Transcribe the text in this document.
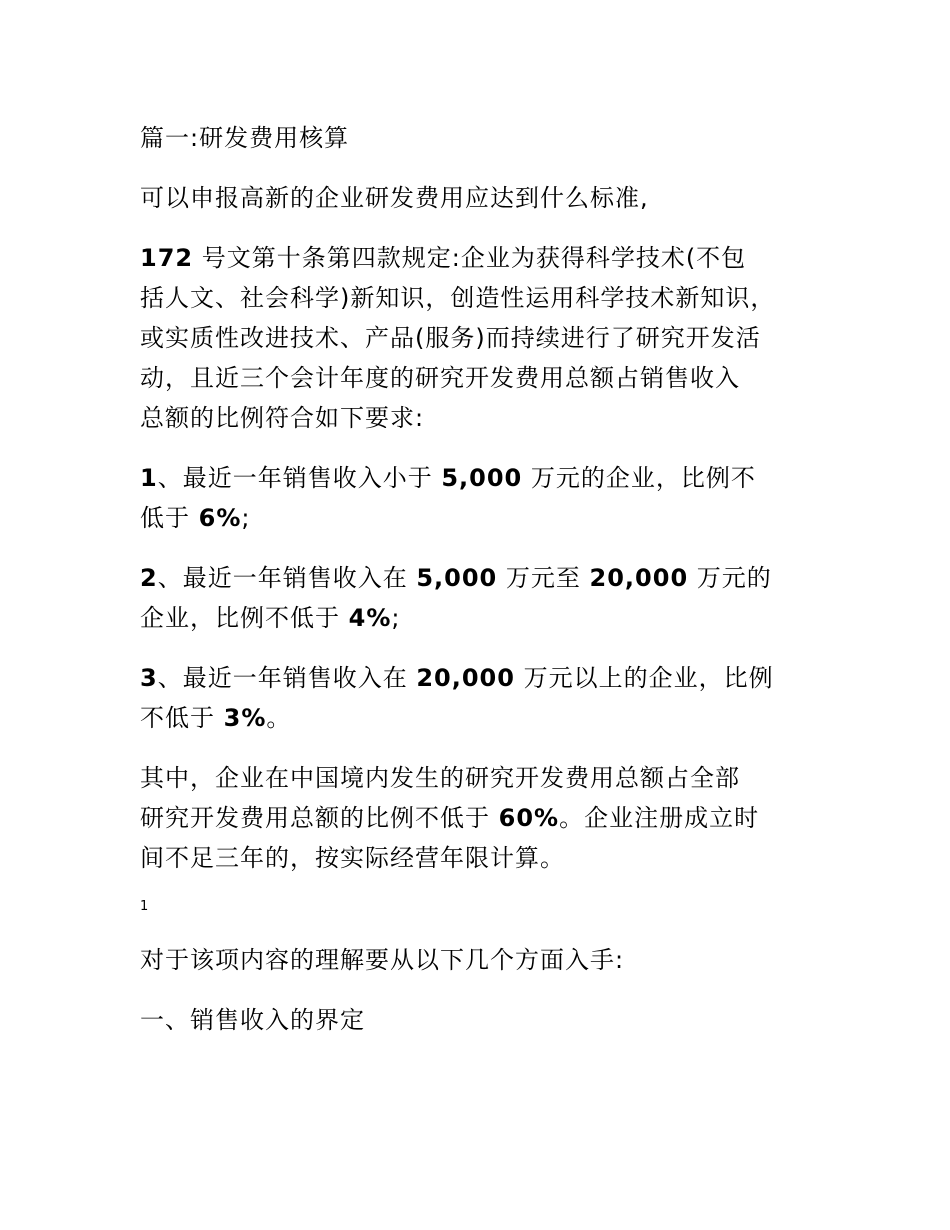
篇一:研发费用核算

可以申报高新的企业研发费用应达到什么标准,

172 号文第十条第四款规定:企业为获得科学技术(不包
括人文、社会科学)新知识，创造性运用科学技术新知识，
或实质性改进技术、产品(服务)而持续进行了研究开发活
动，且近三个会计年度的研究开发费用总额占销售收入
总额的比例符合如下要求:

1、最近一年销售收入小于 5,000 万元的企业，比例不
低于 6%;

2、最近一年销售收入在 5,000 万元至 20,000 万元的
企业，比例不低于 4%;

3、最近一年销售收入在 20,000 万元以上的企业，比例
不低于 3%。

其中，企业在中国境内发生的研究开发费用总额占全部
研究开发费用总额的比例不低于 60%。企业注册成立时
间不足三年的，按实际经营年限计算。

1

对于该项内容的理解要从以下几个方面入手:

一、销售收入的界定
